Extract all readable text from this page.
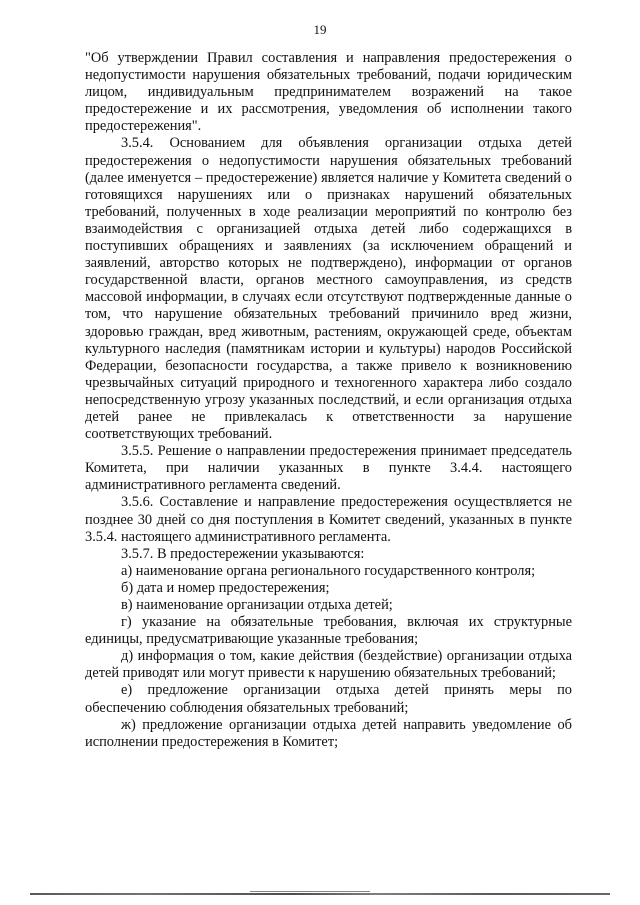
19

"Об утверждении Правил составления и направления предостережения о недопустимости нарушения обязательных требований, подачи юридическим лицом, индивидуальным предпринимателем возражений на такое предостережение и их рассмотрения, уведомления об исполнении такого предостережения".

3.5.4. Основанием для объявления организации отдыха детей предостережения о недопустимости нарушения обязательных требований (далее именуется – предостережение) является наличие у Комитета сведений о готовящихся нарушениях или о признаках нарушений обязательных требований, полученных в ходе реализации мероприятий по контролю без взаимодействия с организацией отдыха детей либо содержащихся в поступивших обращениях и заявлениях (за исключением обращений и заявлений, авторство которых не подтверждено), информации от органов государственной власти, органов местного самоуправления, из средств массовой информации, в случаях если отсутствуют подтвержденные данные о том, что нарушение обязательных требований причинило вред жизни, здоровью граждан, вред животным, растениям, окружающей среде, объектам культурного наследия (памятникам истории и культуры) народов Российской Федерации, безопасности государства, а также привело к возникновению чрезвычайных ситуаций природного и техногенного характера либо создало непосредственную угрозу указанных последствий, и если организация отдыха детей ранее не привлекалась к ответственности за нарушение соответствующих требований.

3.5.5. Решение о направлении предостережения принимает председатель Комитета, при наличии указанных в пункте 3.4.4. настоящего административного регламента сведений.

3.5.6. Составление и направление предостережения осуществляется не позднее 30 дней со дня поступления в Комитет сведений, указанных в пункте 3.5.4. настоящего административного регламента.

3.5.7. В предостережении указываются:

а) наименование органа регионального государственного контроля;

б) дата и номер предостережения;

в) наименование организации отдыха детей;

г) указание на обязательные требования, включая их структурные единицы, предусматривающие указанные требования;

д) информация о том, какие действия (бездействие) организации отдыха детей приводят или могут привести к нарушению обязательных требований;

е) предложение организации отдыха детей принять меры по обеспечению соблюдения обязательных требований;

ж) предложение организации отдыха детей направить уведомление об исполнении предостережения в Комитет;
